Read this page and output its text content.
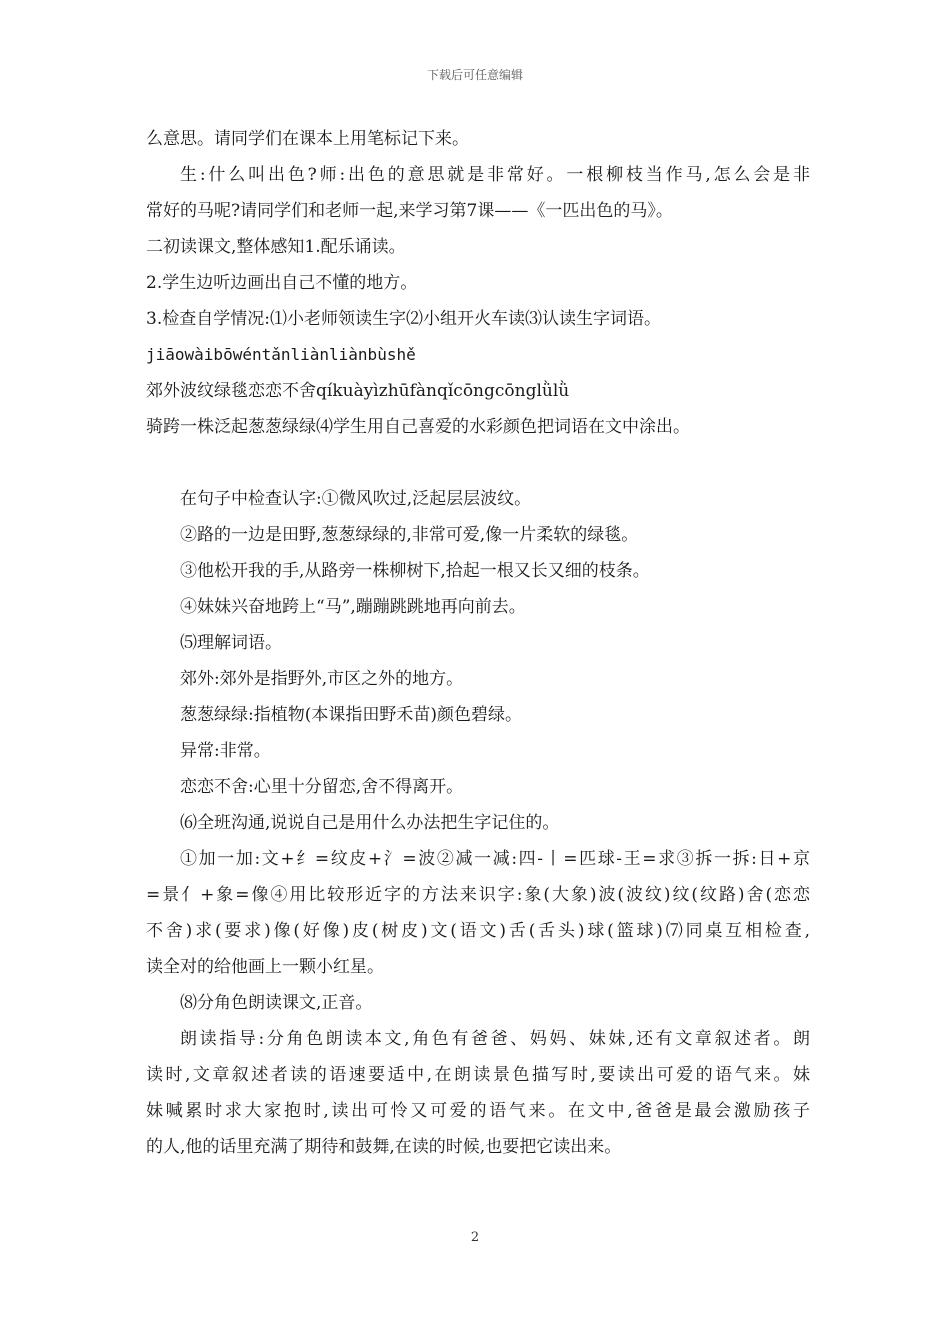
下载后可任意编辑
么意思。请同学们在课本上用笔标记下来。
生:什么叫出色?师:出色的意思就是非常好。一根柳枝当作马,怎么会是非
常好的马呢?请同学们和老师一起,来学习第7课——《一匹出色的马》。
二初读课文,整体感知1.配乐诵读。
2.学生边听边画出自己不懂的地方。
3.检查自学情况:⑴小老师领读生字⑵小组开火车读⑶认读生字词语。
jiāowàibōwéntǎnliànliànbùshě
郊外波纹绿毯恋恋不舍qíkuàyìzhūfànqǐcōngcōnglǜlǜ
骑跨一株泛起葱葱绿绿⑷学生用自己喜爱的水彩颜色把词语在文中涂出。
在句子中检查认字:①微风吹过,泛起层层波纹。
②路的一边是田野,葱葱绿绿的,非常可爱,像一片柔软的绿毯。
③他松开我的手,从路旁一株柳树下,拾起一根又长又细的枝条。
④妹妹兴奋地跨上“马”,蹦蹦跳跳地再向前去。
⑸理解词语。
郊外:郊外是指野外,市区之外的地方。
葱葱绿绿:指植物(本课指田野禾苗)颜色碧绿。
异常:非常。
恋恋不舍:心里十分留恋,舍不得离开。
⑹全班沟通,说说自己是用什么办法把生字记住的。
①加一加:文+纟=纹皮+氵=波②减一减:四-丨=匹球-王=求③拆一拆:日+京
=景亻+象=像④用比较形近字的方法来识字:象(大象)波(波纹)纹(纹路)舍(恋恋
不舍)求(要求)像(好像)皮(树皮)文(语文)舌(舌头)球(篮球)⑺同桌互相检查,
读全对的给他画上一颗小红星。
⑻分角色朗读课文,正音。
朗读指导:分角色朗读本文,角色有爸爸、妈妈、妹妹,还有文章叙述者。朗
读时,文章叙述者读的语速要适中,在朗读景色描写时,要读出可爱的语气来。妹
妹喊累时求大家抱时,读出可怜又可爱的语气来。在文中,爸爸是最会激励孩子
的人,他的话里充满了期待和鼓舞,在读的时候,也要把它读出来。
2
